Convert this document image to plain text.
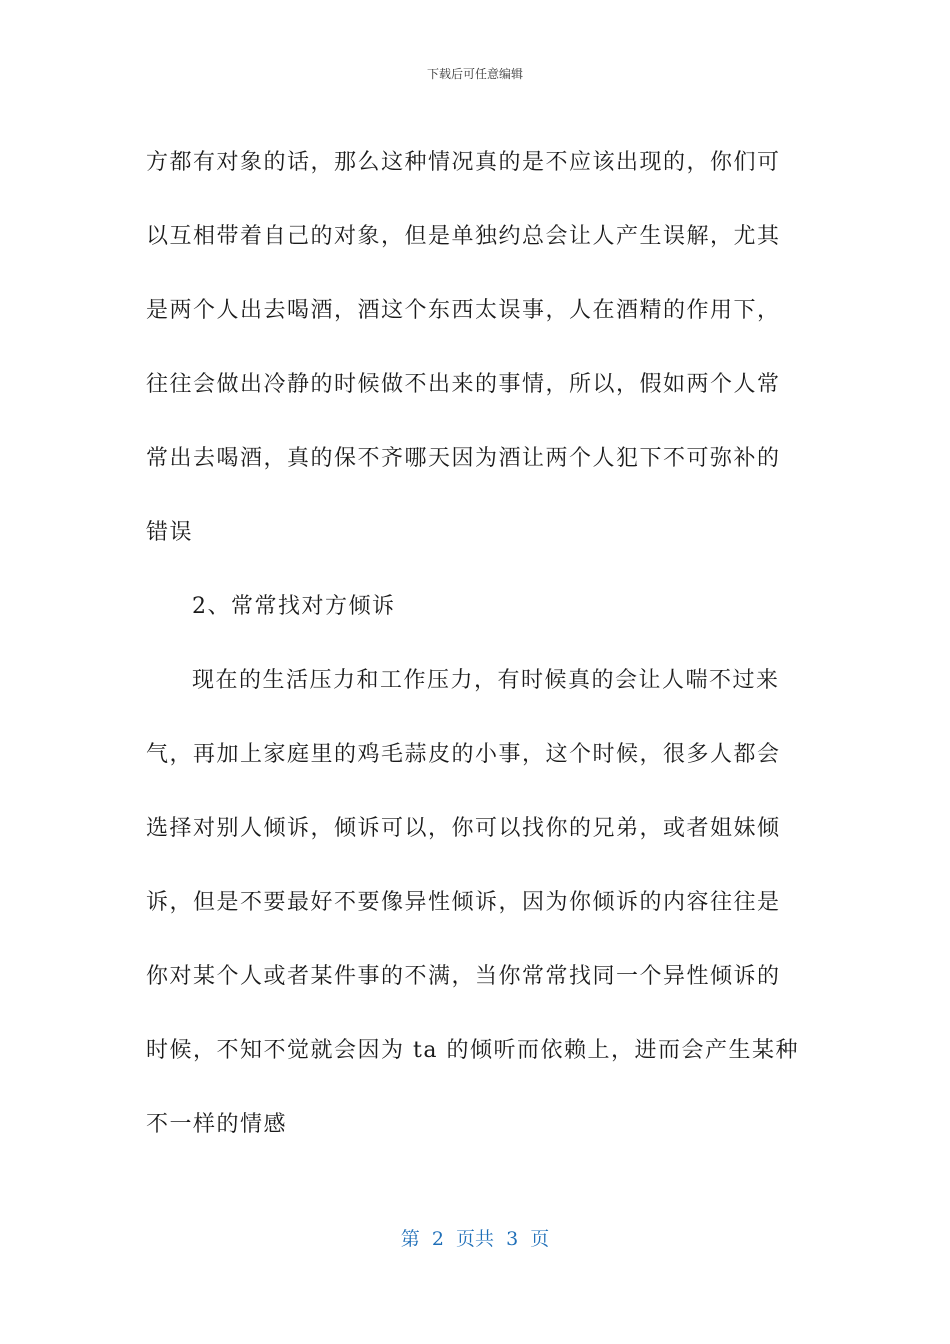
下载后可任意编辑
方都有对象的话，那么这种情况真的是不应该出现的，你们可
以互相带着自己的对象，但是单独约总会让人产生误解，尤其
是两个人出去喝酒，酒这个东西太误事，人在酒精的作用下，
往往会做出冷静的时候做不出来的事情，所以，假如两个人常
常出去喝酒，真的保不齐哪天因为酒让两个人犯下不可弥补的
错误
2、常常找对方倾诉
现在的生活压力和工作压力，有时候真的会让人喘不过来
气，再加上家庭里的鸡毛蒜皮的小事，这个时候，很多人都会
选择对别人倾诉，倾诉可以，你可以找你的兄弟，或者姐妹倾
诉，但是不要最好不要像异性倾诉，因为你倾诉的内容往往是
你对某个人或者某件事的不满，当你常常找同一个异性倾诉的
时候，不知不觉就会因为 ta 的倾听而依赖上，进而会产生某种
不一样的情感
第  2  页共  3  页
